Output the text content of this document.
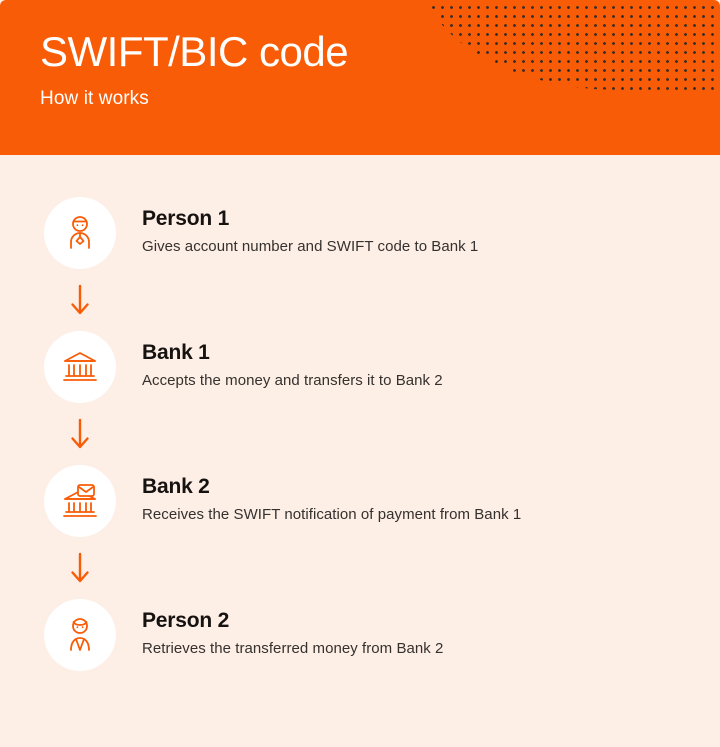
SWIFT/BIC code
How it works

Person 1

Gives account number and SWIFT code to Bank 1

Bank 1

Accepts the money and transfers it to Bank 2

Bank 2

Receives the SWIFT notification of payment from Bank 1

Person 2

Retrieves the transferred money from Bank 2
